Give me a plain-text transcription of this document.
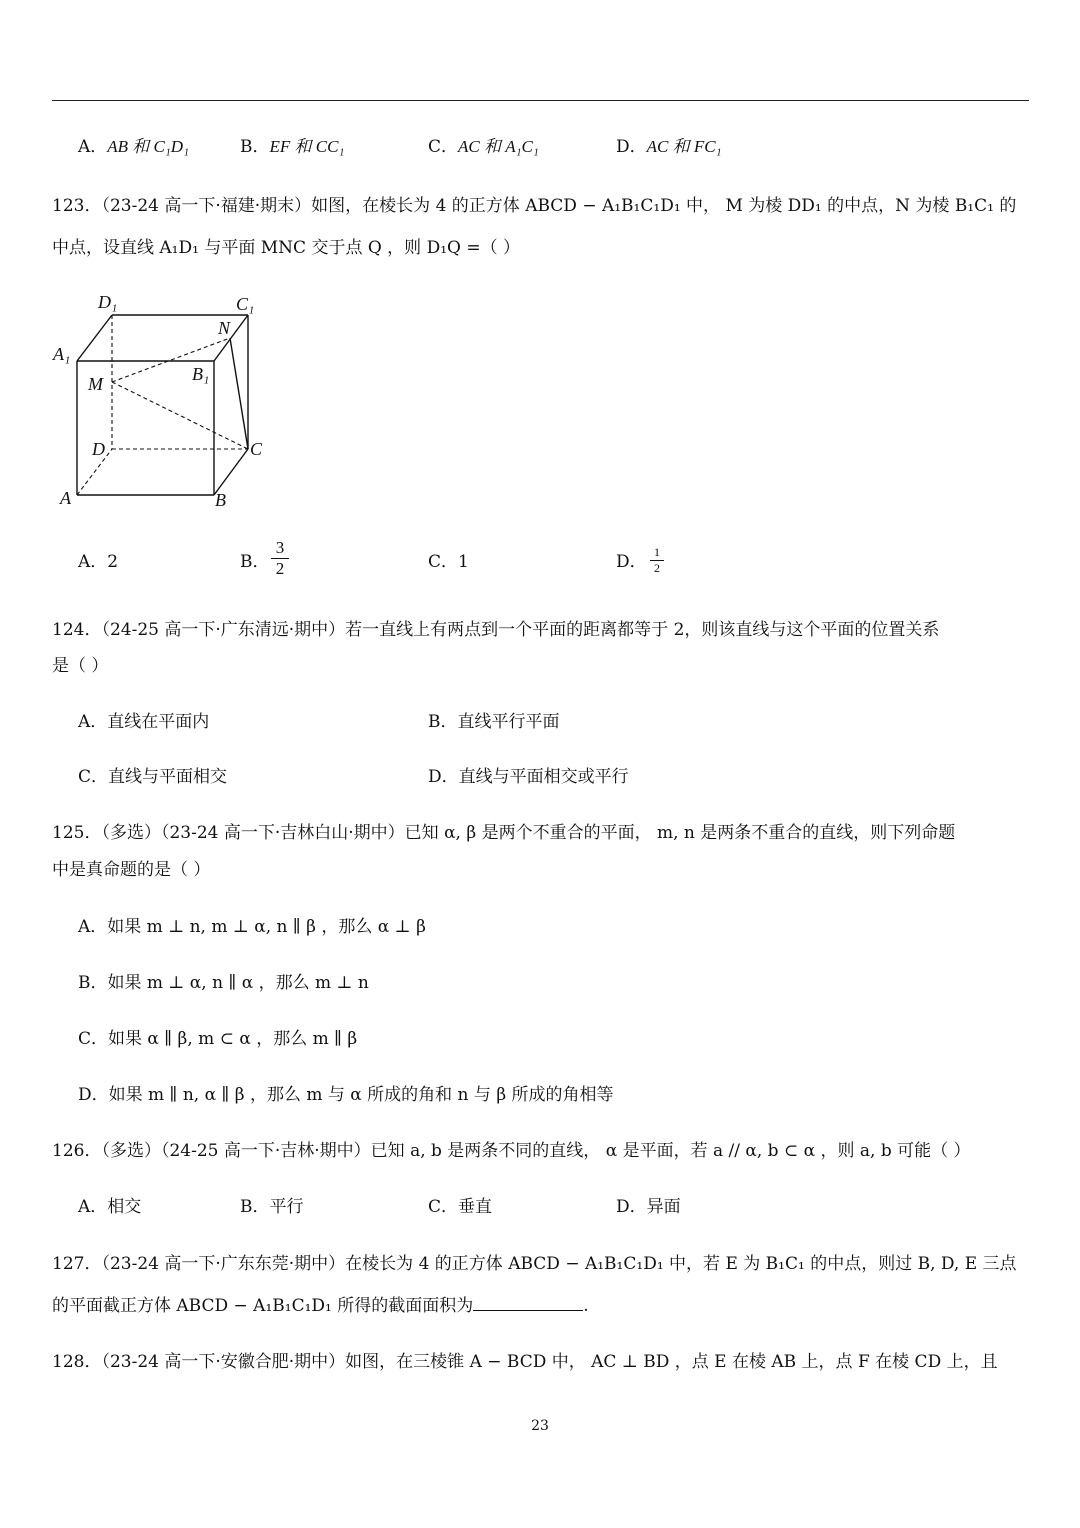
A．AB 和 C₁D₁	B．EF 和 CC₁	C．AC 和 A₁C₁	D．AC 和 FC₁
123．（23-24 高一下·福建·期末）如图，在棱长为 4 的正方体 ABCD − A₁B₁C₁D₁ 中， M 为棱 DD₁ 的中点，N 为棱 B₁C₁ 的
中点，设直线 A₁D₁ 与平面 MNC 交于点 Q ，则 D₁Q =（ ）
D₁	C₁
N
A₁
B₁
M
D	C
A	B
A．2	B．
3
2	C．1	D． 1
2
124．（24-25 高一下·广东清远·期中）若一直线上有两点到一个平面的距离都等于 2，则该直线与这个平面的位置关系
是（ ）
A．直线在平面内	B．直线平行平面
C．直线与平面相交	D．直线与平面相交或平行
125．（多选）（23-24 高一下·吉林白山·期中）已知 α, β 是两个不重合的平面， m, n 是两条不重合的直线，则下列命题
中是真命题的是（ ）
A．如果 m ⊥ n, m ⊥ α, n ∥ β ，那么 α ⊥ β
B．如果 m ⊥ α, n ∥ α ，那么 m ⊥ n
C．如果 α ∥ β, m ⊂ α ，那么 m ∥ β
D．如果 m ∥ n, α ∥ β ，那么 m 与 α 所成的角和 n 与 β 所成的角相等
126．（多选）（24-25 高一下·吉林·期中）已知 a, b 是两条不同的直线， α 是平面，若 a // α, b ⊂ α ，则 a, b 可能（ ）
A．相交	B．平行	C．垂直	D．异面
127．（23-24 高一下·广东东莞·期中）在棱长为 4 的正方体 ABCD − A₁B₁C₁D₁ 中，若 E 为 B₁C₁ 的中点，则过 B, D, E 三点
的平面截正方体 ABCD − A₁B₁C₁D₁ 所得的截面面积为	.
128．（23-24 高一下·安徽合肥·期中）如图，在三棱锥 A − BCD 中， AC ⊥ BD ，点 E 在棱 AB 上，点 F 在棱 CD 上，且
23
